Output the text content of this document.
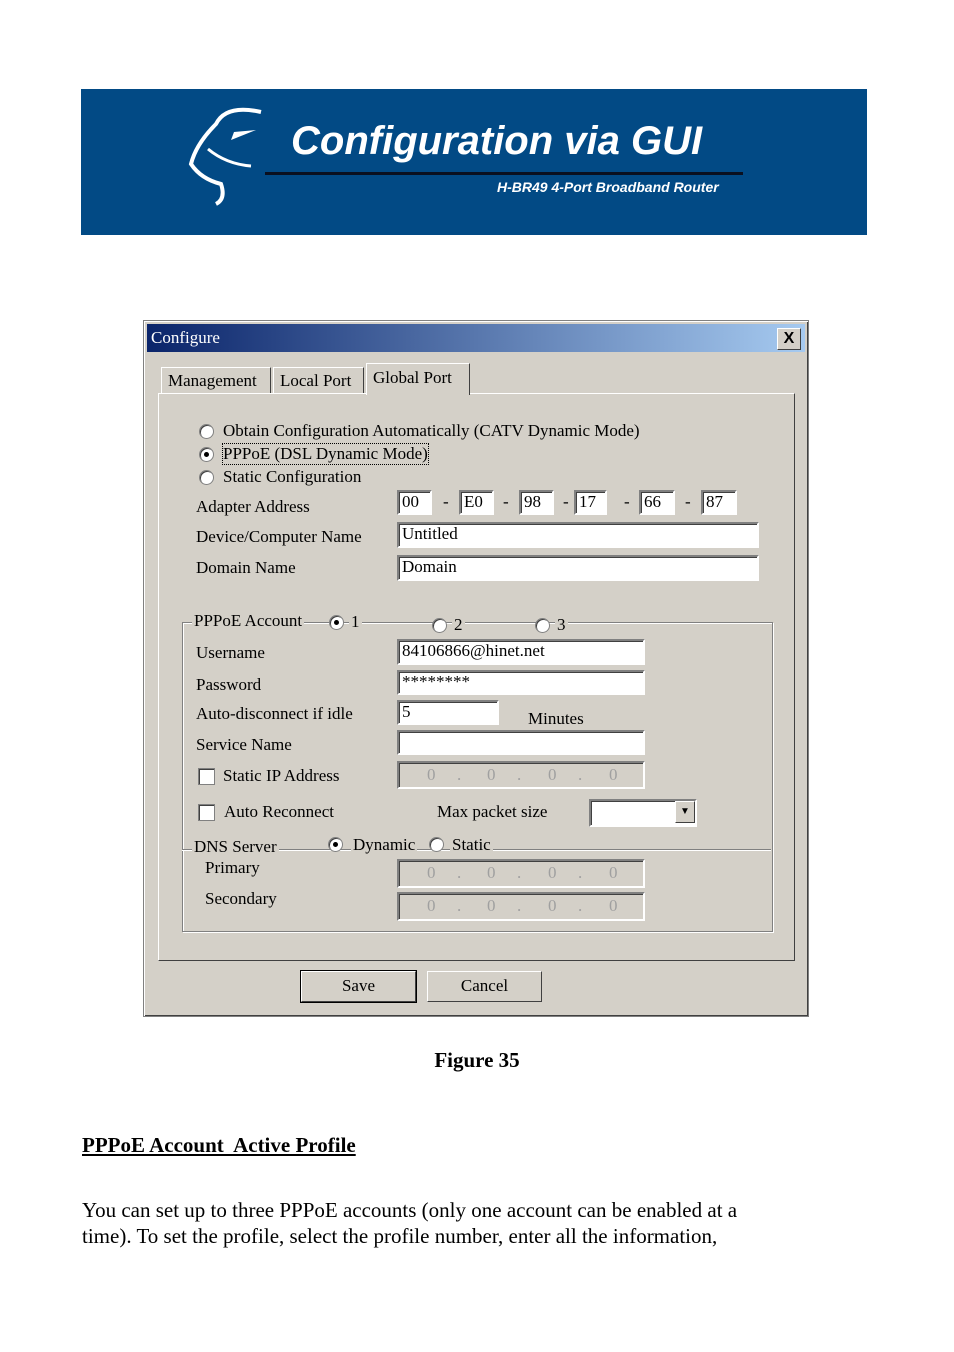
Configuration via GUI
H-BR49 4-Port Broadband Router
Configure	X
Management	Local Port	Global Port
Obtain Configuration Automatically (CATV Dynamic Mode)
PPPoE (DSL Dynamic Mode)
Static Configuration
Adapter Address	00	- E0	- 98	- 17	- 66	- 87
Device/Computer Name Untitled
Domain Name	Domain
PPPoE Account	1	2	3
Username	84106866@hinet.net
Password	********
Auto-disconnect if idle	5	Minutes
Service Name
Static IP Address	0 . 0 . 0 . 0
Auto Reconnect	Max packet size	▼
DNS Server	Dynamic Static
Primary	0 . 0 . 0 . 0
Secondary	0 . 0 . 0 . 0
Save	Cancel
Figure 35
PPPoE Account  Active Profile
You can set up to three PPPoE accounts (only one account can be enabled at a
time). To set the profile, select the profile number, enter all the information,
